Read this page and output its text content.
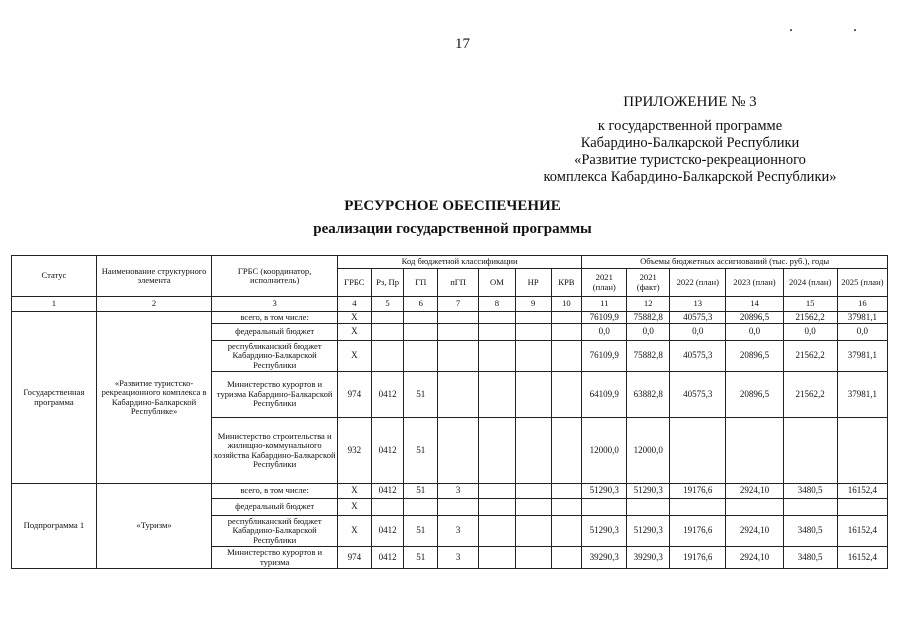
17
. .
ПРИЛОЖЕНИЕ № 3
к государственной программе
Кабардино-Балкарской Республики
«Развитие туристско-рекреационного
комплекса Кабардино-Балкарской Республики»
РЕСУРСНОЕ ОБЕСПЕЧЕНИЕ
реализации государственной программы
Статус	Наименование структурного элемента	ГРБС (координатор, исполнитель)	Код бюджетной классификации							Объемы бюджетных ассигнований (тыс. руб.), годы					
			ГРБС	Рз, Пр	ГП	пГП	ОМ	НР	КРВ	2021 (план)	2021 (факт)	2022 (план)	2023 (план)	2024 (план)	2025 (план)
1	2	3	4	5	6	7	8	9	10	11	12	13	14	15	16
Государственная программа	«Развитие туристско-рекреационного комплекса в Кабардино-Балкарской Республике»	всего, в том числе:	X							76109,9	75882,8	40575,3	20896,5	21562,2	37981,1
		федеральный бюджет	X							0,0	0,0	0,0	0,0	0,0	0,0
		республиканский бюджет Кабардино-Балкарской Республики	X							76109,9	75882,8	40575,3	20896,5	21562,2	37981,1
		Министерство курортов и туризма Кабардино-Балкарской Республики	974	0412	51					64109,9	63882,8	40575,3	20896,5	21562,2	37981,1
		Министерство строительства и жилищно-коммунального хозяйства Кабардино-Балкарской Республики	932	0412	51					12000,0	12000,0				
Подпрограмма 1	«Туризм»	всего, в том числе:	X	0412	51	3				51290,3	51290,3	19176,6	2924,10	3480,5	16152,4
		федеральный бюджет	X												
		республиканский бюджет Кабардино-Балкарской Республики	X	0412	51	3				51290,3	51290,3	19176,6	2924,10	3480,5	16152,4
		Министерство курортов и туризма	974	0412	51	3				39290,3	39290,3	19176,6	2924,10	3480,5	16152,4
